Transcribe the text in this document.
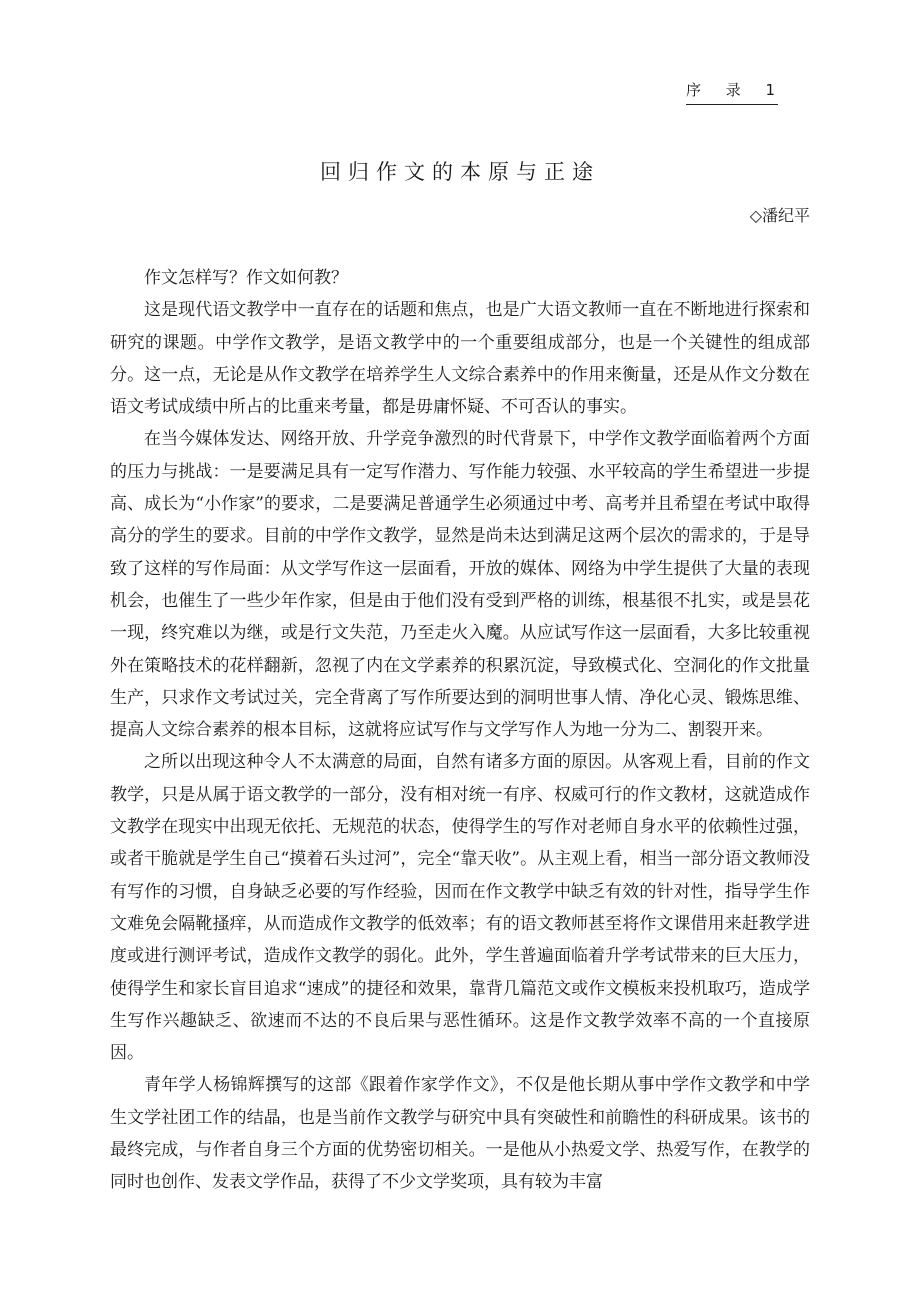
序 录 1
回归作文的本原与正途
◇潘纪平

作文怎样写？作文如何教？

这是现代语文教学中一直存在的话题和焦点，也是广大语文教师一直在不断地进行探索和研究的课题。中学作文教学，是语文教学中的一个重要组成部分，也是一个关键性的组成部分。这一点，无论是从作文教学在培养学生人文综合素养中的作用来衡量，还是从作文分数在语文考试成绩中所占的比重来考量，都是毋庸怀疑、不可否认的事实。

在当今媒体发达、网络开放、升学竞争激烈的时代背景下，中学作文教学面临着两个方面的压力与挑战：一是要满足具有一定写作潜力、写作能力较强、水平较高的学生希望进一步提高、成长为“小作家”的要求，二是要满足普通学生必须通过中考、高考并且希望在考试中取得高分的学生的要求。目前的中学作文教学，显然是尚未达到满足这两个层次的需求的，于是导致了这样的写作局面：从文学写作这一层面看，开放的媒体、网络为中学生提供了大量的表现机会，也催生了一些少年作家，但是由于他们没有受到严格的训练，根基很不扎实，或是昙花一现，终究难以为继，或是行文失范，乃至走火入魔。从应试写作这一层面看，大多比较重视外在策略技术的花样翻新，忽视了内在文学素养的积累沉淀，导致模式化、空洞化的作文批量生产，只求作文考试过关，完全背离了写作所要达到的洞明世事人情、净化心灵、锻炼思维、提高人文综合素养的根本目标，这就将应试写作与文学写作人为地一分为二、割裂开来。

之所以出现这种令人不太满意的局面，自然有诸多方面的原因。从客观上看，目前的作文教学，只是从属于语文教学的一部分，没有相对统一有序、权威可行的作文教材，这就造成作文教学在现实中出现无依托、无规范的状态，使得学生的写作对老师自身水平的依赖性过强，或者干脆就是学生自己“摸着石头过河”，完全“靠天收”。从主观上看，相当一部分语文教师没有写作的习惯，自身缺乏必要的写作经验，因而在作文教学中缺乏有效的针对性，指导学生作文难免会隔靴搔痒，从而造成作文教学的低效率；有的语文教师甚至将作文课借用来赶教学进度或进行测评考试，造成作文教学的弱化。此外，学生普遍面临着升学考试带来的巨大压力，使得学生和家长盲目追求“速成”的捷径和效果，靠背几篇范文或作文模板来投机取巧，造成学生写作兴趣缺乏、欲速而不达的不良后果与恶性循环。这是作文教学效率不高的一个直接原因。

青年学人杨锦辉撰写的这部《跟着作家学作文》，不仅是他长期从事中学作文教学和中学生文学社团工作的结晶，也是当前作文教学与研究中具有突破性和前瞻性的科研成果。该书的最终完成，与作者自身三个方面的优势密切相关。一是他从小热爱文学、热爱写作，在教学的同时也创作、发表文学作品，获得了不少文学奖项，具有较为丰富
